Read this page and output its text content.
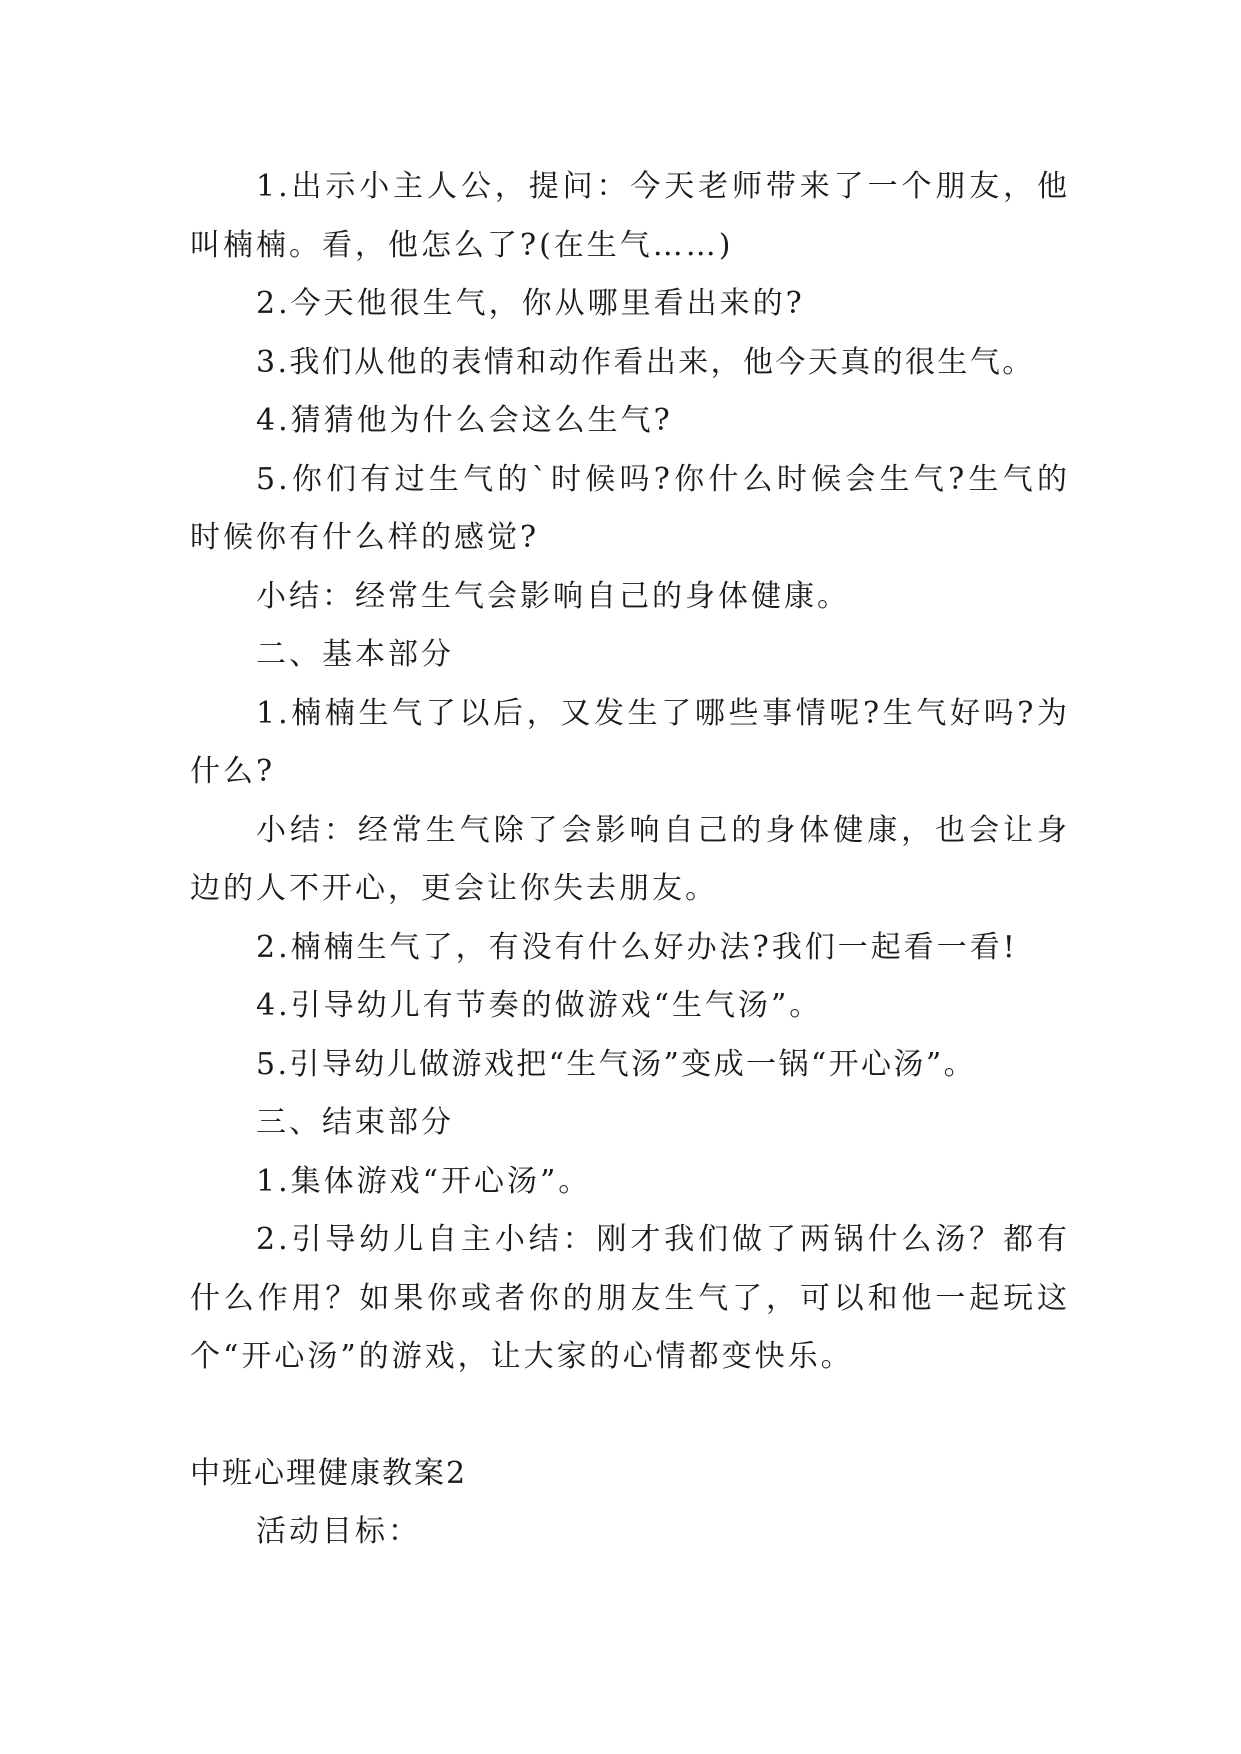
1.出示小主人公，提问：今天老师带来了一个朋友，他叫楠楠。看，他怎么了?(在生气……)

2.今天他很生气，你从哪里看出来的?

3.我们从他的表情和动作看出来，他今天真的很生气。

4.猜猜他为什么会这么生气?

5.你们有过生气的`时候吗?你什么时候会生气?生气的时候你有什么样的感觉?

小结：经常生气会影响自己的身体健康。

二、基本部分

1.楠楠生气了以后，又发生了哪些事情呢?生气好吗?为什么?

小结：经常生气除了会影响自己的身体健康，也会让身边的人不开心，更会让你失去朋友。

2.楠楠生气了，有没有什么好办法?我们一起看一看!

4.引导幼儿有节奏的做游戏“生气汤”。

5.引导幼儿做游戏把“生气汤”变成一锅“开心汤”。

三、结束部分

1.集体游戏“开心汤”。

2.引导幼儿自主小结：刚才我们做了两锅什么汤？都有什么作用？如果你或者你的朋友生气了，可以和他一起玩这个“开心汤”的游戏，让大家的心情都变快乐。

中班心理健康教案2

活动目标：
